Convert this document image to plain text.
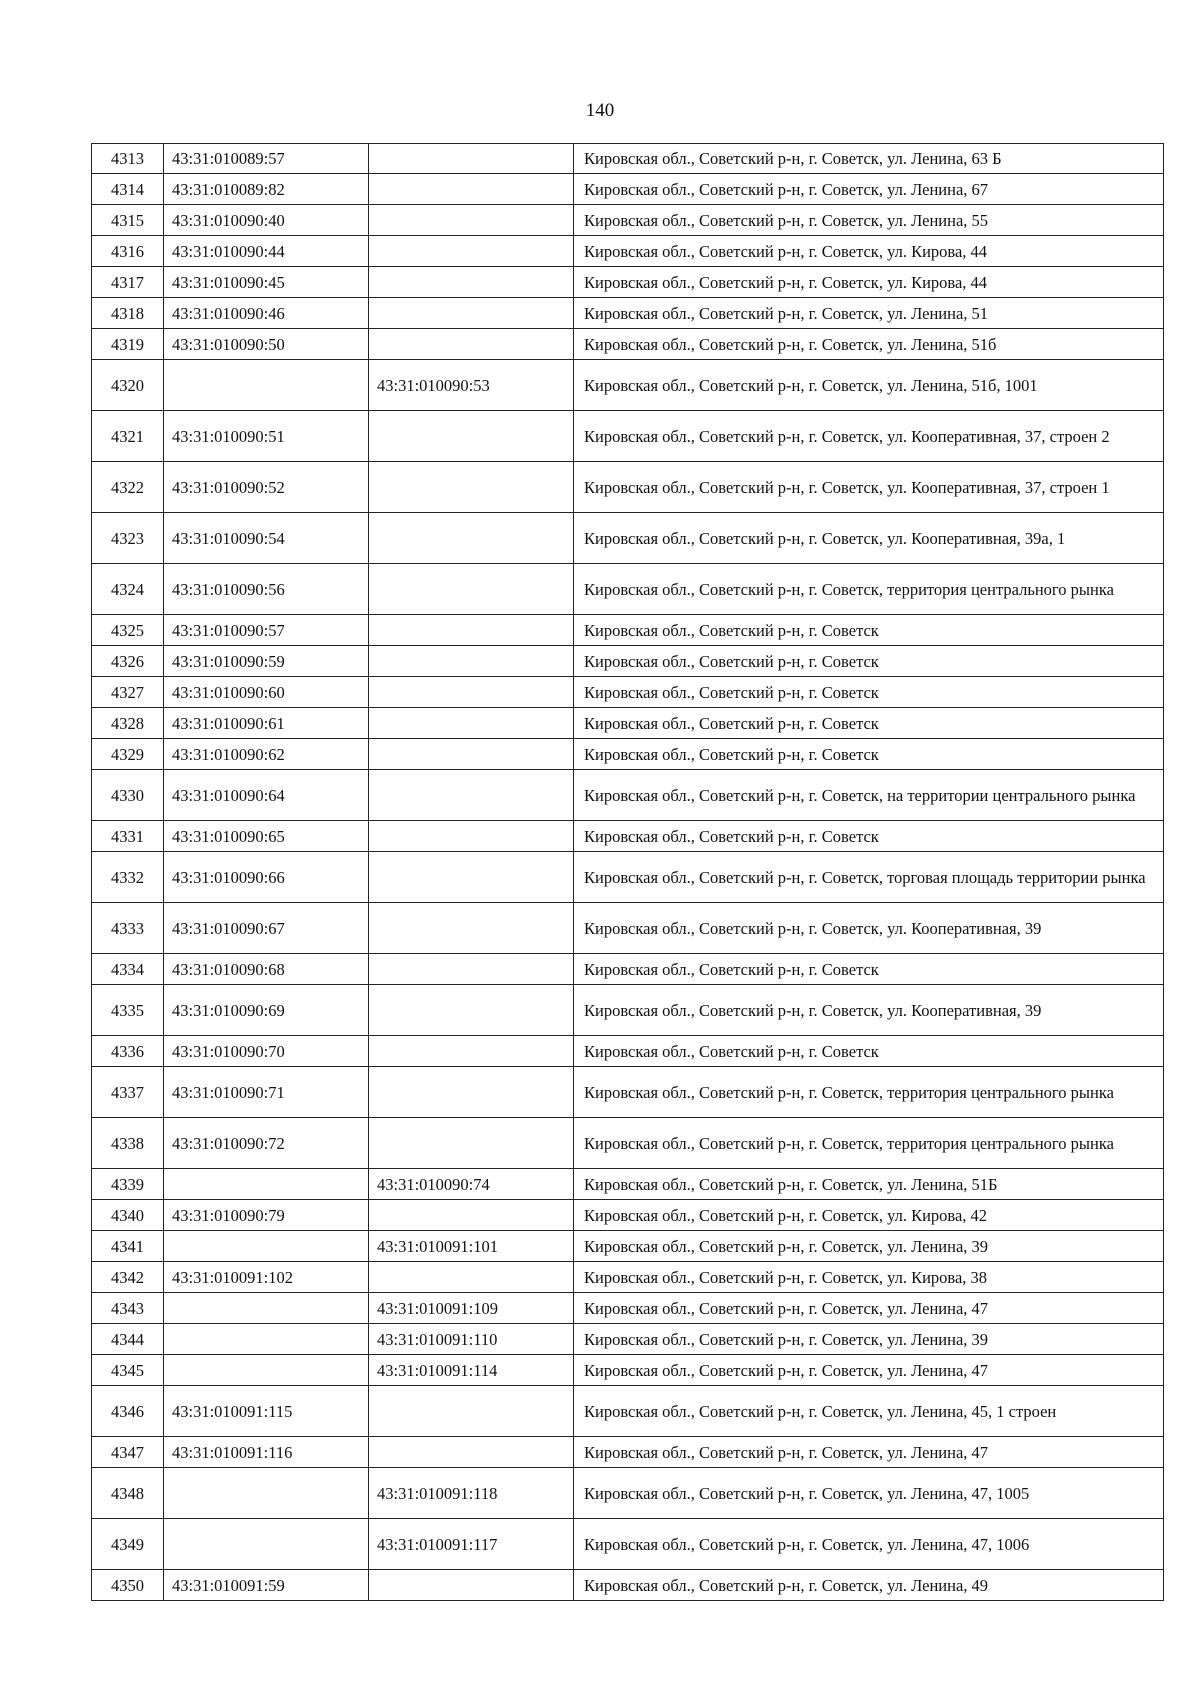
140
4313	43:31:010089:57		Кировская обл., Советский р-н, г. Советск, ул. Ленина, 63 Б
4314	43:31:010089:82		Кировская обл., Советский р-н, г. Советск, ул. Ленина, 67
4315	43:31:010090:40		Кировская обл., Советский р-н, г. Советск, ул. Ленина, 55
4316	43:31:010090:44		Кировская обл., Советский р-н, г. Советск, ул. Кирова, 44
4317	43:31:010090:45		Кировская обл., Советский р-н, г. Советск, ул. Кирова, 44
4318	43:31:010090:46		Кировская обл., Советский р-н, г. Советск, ул. Ленина, 51
4319	43:31:010090:50		Кировская обл., Советский р-н, г. Советск, ул. Ленина, 51б
4320		43:31:010090:53	Кировская обл., Советский р-н, г. Советск, ул. Ленина, 51б, 1001
4321	43:31:010090:51		Кировская обл., Советский р-н, г. Советск, ул. Кооперативная, 37, строен 2
4322	43:31:010090:52		Кировская обл., Советский р-н, г. Советск, ул. Кооперативная, 37, строен 1
4323	43:31:010090:54		Кировская обл., Советский р-н, г. Советск, ул. Кооперативная, 39а, 1
4324	43:31:010090:56		Кировская обл., Советский р-н, г. Советск, территория центрального рынка
4325	43:31:010090:57		Кировская обл., Советский р-н, г. Советск
4326	43:31:010090:59		Кировская обл., Советский р-н, г. Советск
4327	43:31:010090:60		Кировская обл., Советский р-н, г. Советск
4328	43:31:010090:61		Кировская обл., Советский р-н, г. Советск
4329	43:31:010090:62		Кировская обл., Советский р-н, г. Советск
4330	43:31:010090:64		Кировская обл., Советский р-н, г. Советск, на территории центрального рынка
4331	43:31:010090:65		Кировская обл., Советский р-н, г. Советск
4332	43:31:010090:66		Кировская обл., Советский р-н, г. Советск, торговая площадь территории рынка
4333	43:31:010090:67		Кировская обл., Советский р-н, г. Советск, ул. Кооперативная, 39
4334	43:31:010090:68		Кировская обл., Советский р-н, г. Советск
4335	43:31:010090:69		Кировская обл., Советский р-н, г. Советск, ул. Кооперативная, 39
4336	43:31:010090:70		Кировская обл., Советский р-н, г. Советск
4337	43:31:010090:71		Кировская обл., Советский р-н, г. Советск, территория центрального рынка
4338	43:31:010090:72		Кировская обл., Советский р-н, г. Советск, территория центрального рынка
4339		43:31:010090:74	Кировская обл., Советский р-н, г. Советск, ул. Ленина, 51Б
4340	43:31:010090:79		Кировская обл., Советский р-н, г. Советск, ул. Кирова, 42
4341		43:31:010091:101	Кировская обл., Советский р-н, г. Советск, ул. Ленина, 39
4342	43:31:010091:102		Кировская обл., Советский р-н, г. Советск, ул. Кирова, 38
4343		43:31:010091:109	Кировская обл., Советский р-н, г. Советск, ул. Ленина, 47
4344		43:31:010091:110	Кировская обл., Советский р-н, г. Советск, ул. Ленина, 39
4345		43:31:010091:114	Кировская обл., Советский р-н, г. Советск, ул. Ленина, 47
4346	43:31:010091:115		Кировская обл., Советский р-н, г. Советск, ул. Ленина, 45, 1 строен
4347	43:31:010091:116		Кировская обл., Советский р-н, г. Советск, ул. Ленина, 47
4348		43:31:010091:118	Кировская обл., Советский р-н, г. Советск, ул. Ленина, 47, 1005
4349		43:31:010091:117	Кировская обл., Советский р-н, г. Советск, ул. Ленина, 47, 1006
4350	43:31:010091:59		Кировская обл., Советский р-н, г. Советск, ул. Ленина, 49
